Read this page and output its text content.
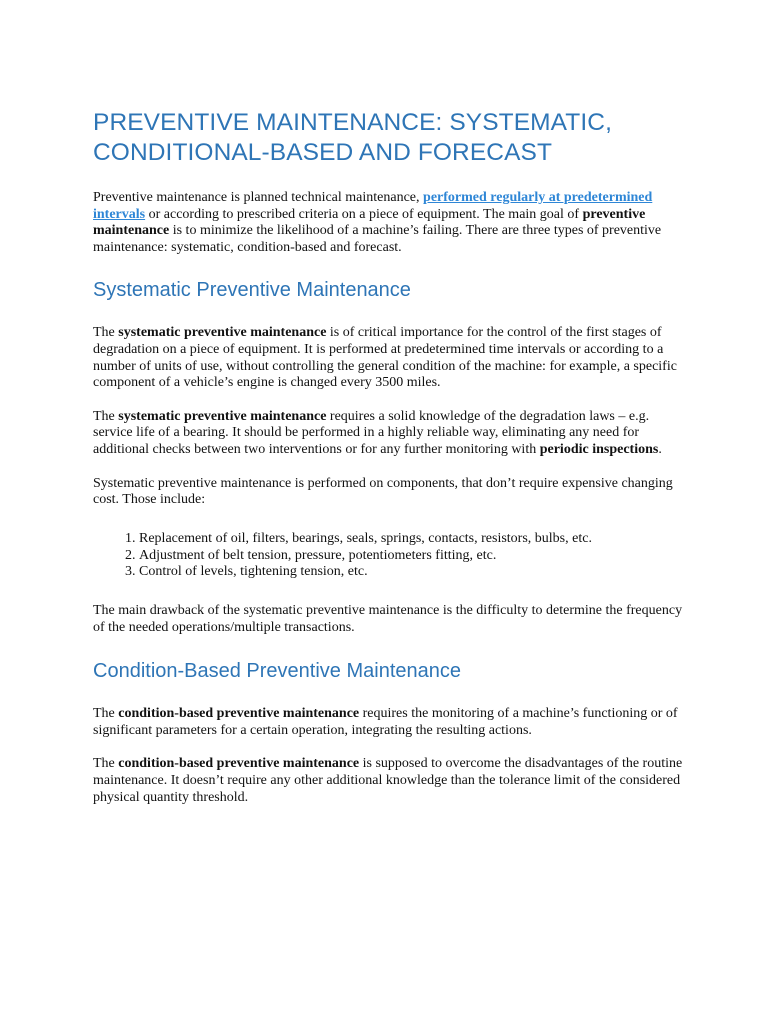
PREVENTIVE MAINTENANCE: SYSTEMATIC, CONDITIONAL-BASED AND FORECAST

Preventive maintenance is planned technical maintenance, performed regularly at predetermined intervals or according to prescribed criteria on a piece of equipment. The main goal of preventive maintenance is to minimize the likelihood of a machine’s failing. There are three types of preventive maintenance: systematic, condition-based and forecast.

Systematic Preventive Maintenance

The systematic preventive maintenance is of critical importance for the control of the first stages of degradation on a piece of equipment. It is performed at predetermined time intervals or according to a number of units of use, without controlling the general condition of the machine: for example, a specific component of a vehicle’s engine is changed every 3500 miles.

The systematic preventive maintenance requires a solid knowledge of the degradation laws – e.g. service life of a bearing. It should be performed in a highly reliable way, eliminating any need for additional checks between two interventions or for any further monitoring with periodic inspections.

Systematic preventive maintenance is performed on components, that don’t require expensive changing cost. Those include:

1. Replacement of oil, filters, bearings, seals, springs, contacts, resistors, bulbs, etc.
2. Adjustment of belt tension, pressure, potentiometers fitting, etc.
3. Control of levels, tightening tension, etc.

The main drawback of the systematic preventive maintenance is the difficulty to determine the frequency of the needed operations/multiple transactions.

Condition-Based Preventive Maintenance

The condition-based preventive maintenance requires the monitoring of a machine’s functioning or of significant parameters for a certain operation, integrating the resulting actions.

The condition-based preventive maintenance is supposed to overcome the disadvantages of the routine maintenance. It doesn’t require any other additional knowledge than the tolerance limit of the considered physical quantity threshold.
